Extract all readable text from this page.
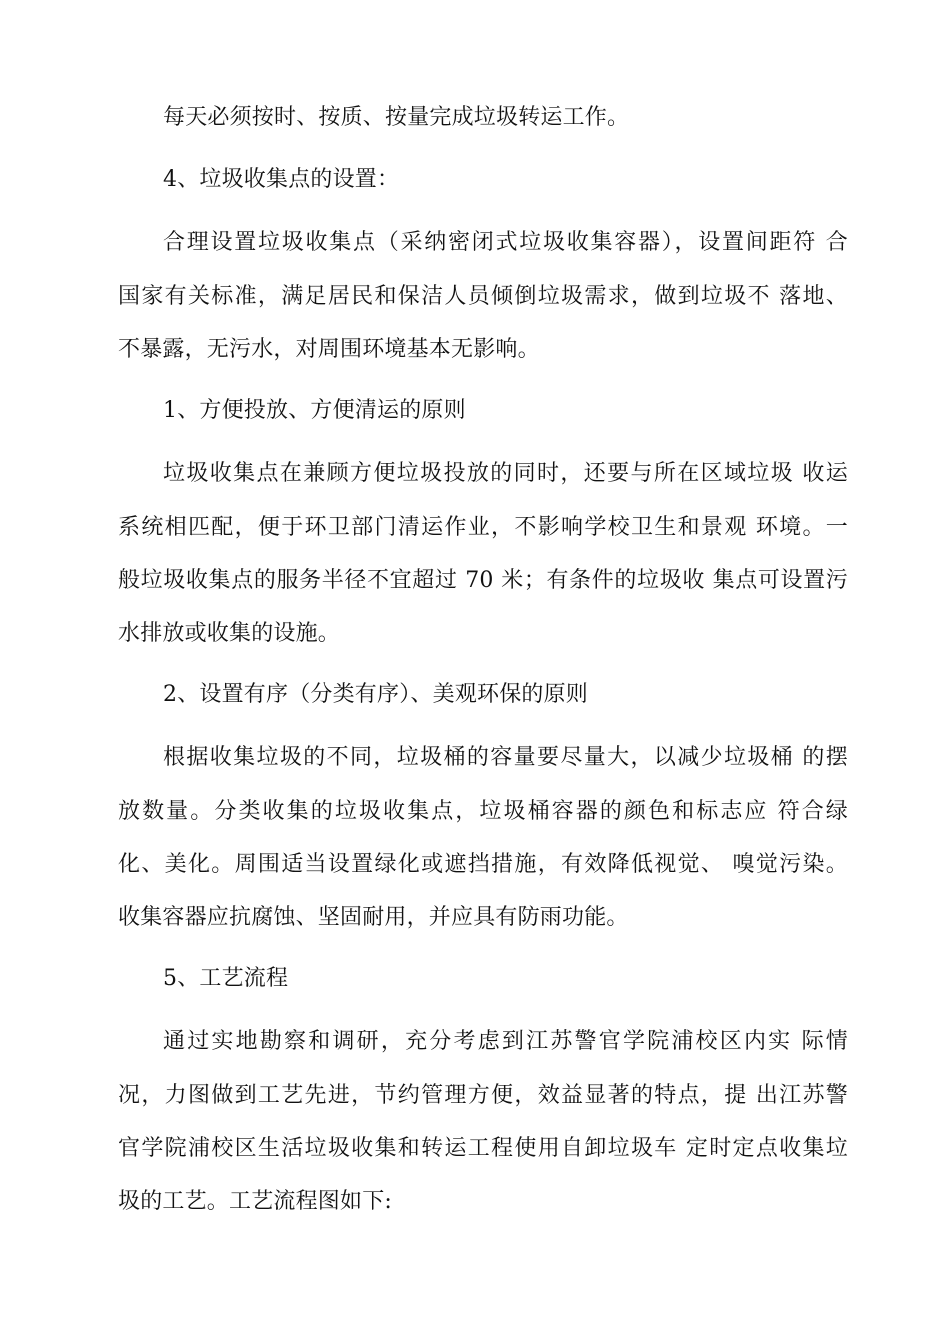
每天必须按时、按质、按量完成垃圾转运工作。
4、垃圾收集点的设置：
合理设置垃圾收集点（采纳密闭式垃圾收集容器），设置间距符 合
国家有关标准，满足居民和保洁人员倾倒垃圾需求，做到垃圾不 落地、
不暴露，无污水，对周围环境基本无影响。
1、方便投放、方便清运的原则
垃圾收集点在兼顾方便垃圾投放的同时，还要与所在区域垃圾 收运
系统相匹配，便于环卫部门清运作业，不影响学校卫生和景观 环境。一
般垃圾收集点的服务半径不宜超过 70 米；有条件的垃圾收 集点可设置污
水排放或收集的设施。
2、设置有序（分类有序）、美观环保的原则
根据收集垃圾的不同，垃圾桶的容量要尽量大，以减少垃圾桶 的摆
放数量。分类收集的垃圾收集点，垃圾桶容器的颜色和标志应 符合绿
化、美化。周围适当设置绿化或遮挡措施，有效降低视觉、 嗅觉污染。
收集容器应抗腐蚀、坚固耐用，并应具有防雨功能。
5、工艺流程
通过实地勘察和调研，充分考虑到江苏警官学院浦校区内实 际情
况，力图做到工艺先进，节约管理方便，效益显著的特点，提 出江苏警
官学院浦校区生活垃圾收集和转运工程使用自卸垃圾车 定时定点收集垃
圾的工艺。工艺流程图如下:
